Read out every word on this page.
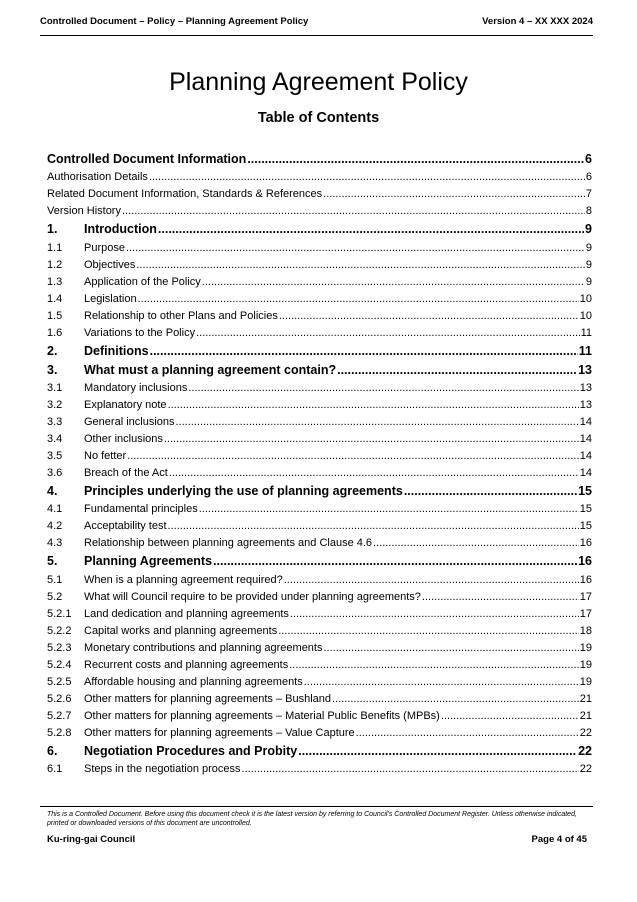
Controlled Document – Policy – Planning Agreement Policy	Version 4 – XX XXX 2024
Planning Agreement Policy
Table of Contents
Controlled Document Information .....	6
Authorisation Details .....	6
Related Document Information, Standards & References .....	7
Version History .....	8
1.	Introduction .....	9
1.1	Purpose .....	9
1.2	Objectives .....	9
1.3	Application of the Policy .....	9
1.4	Legislation .....	10
1.5	Relationship to other Plans and Policies .....	10
1.6	Variations to the Policy .....	11
2.	Definitions .....	11
3.	What must a planning agreement contain? .....	13
3.1	Mandatory inclusions .....	13
3.2	Explanatory note .....	13
3.3	General inclusions .....	14
3.4	Other inclusions .....	14
3.5	No fetter .....	14
3.6	Breach of the Act .....	14
4.	Principles underlying the use of planning agreements .....	15
4.1	Fundamental principles .....	15
4.2	Acceptability test .....	15
4.3	Relationship between planning agreements and Clause 4.6 .....	16
5.	Planning Agreements .....	16
5.1	When is a planning agreement required? .....	16
5.2	What will Council require to be provided under planning agreements? .....	17
5.2.1	Land dedication and planning agreements .....	17
5.2.2	Capital works and planning agreements .....	18
5.2.3	Monetary contributions and planning agreements .....	19
5.2.4	Recurrent costs and planning agreements .....	19
5.2.5	Affordable housing and planning agreements .....	19
5.2.6	Other matters for planning agreements – Bushland .....	21
5.2.7	Other matters for planning agreements – Material Public Benefits (MPBs) .....	21
5.2.8	Other matters for planning agreements – Value Capture .....	22
6.	Negotiation Procedures and Probity .....	22
6.1	Steps in the negotiation process .....	22
This is a Controlled Document. Before using this document check it is the latest version by referring to Council’s Controlled Document Register. Unless otherwise indicated, printed or downloaded versions of this document are uncontrolled.
Ku-ring-gai Council	Page 4 of 45
